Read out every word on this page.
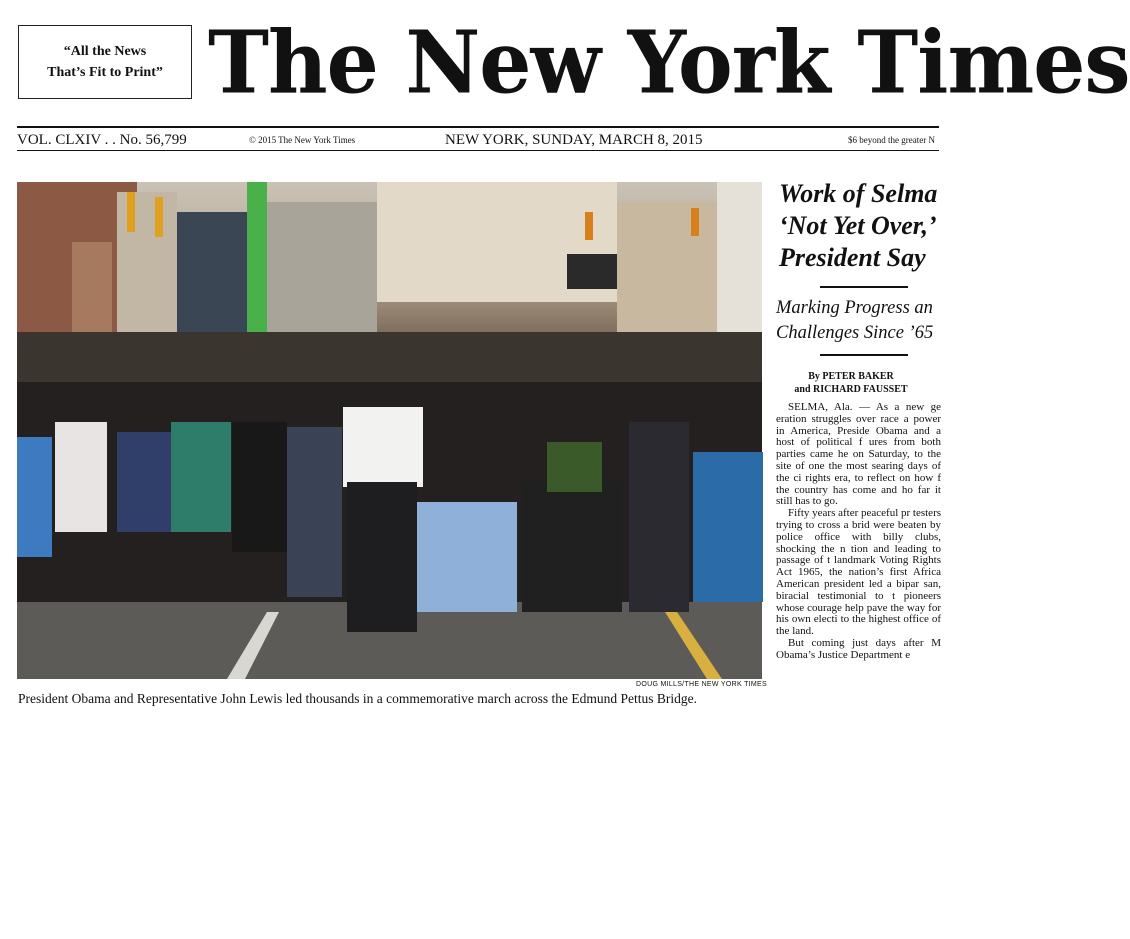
“All the News
That’s Fit to Print” The New York Times
VOL. CLXIV . . No. 56,799	© 2015 The New York Times	NEW YORK, SUNDAY, MARCH 8, 2015	$6 beyond the greater N
DOUG MILLS/THE NEW YORK TIMES
President Obama and Representative John Lewis led thousands in a commemorative march across the Edmund Pettus Bridge.
Work of Selma
‘Not Yet Over,’
President Say
Marking Progress an
Challenges Since ’65
By PETER BAKER
and RICHARD FAUSSET

SELMA, Ala. — As a new ge eration struggles over race a power in America, Preside Obama and a host of political f ures from both parties came he on Saturday, to the site of one the most searing days of the ci rights era, to reflect on how f the country has come and ho far it still has to go.

Fifty years after peaceful pr testers trying to cross a brid were beaten by police office with billy clubs, shocking the n tion and leading to passage of t landmark Voting Rights Act 1965, the nation’s first Africa American president led a bipar san, biracial testimonial to t pioneers whose courage help pave the way for his own electi to the highest office of the land.

But coming just days after M Obama’s Justice Department e
